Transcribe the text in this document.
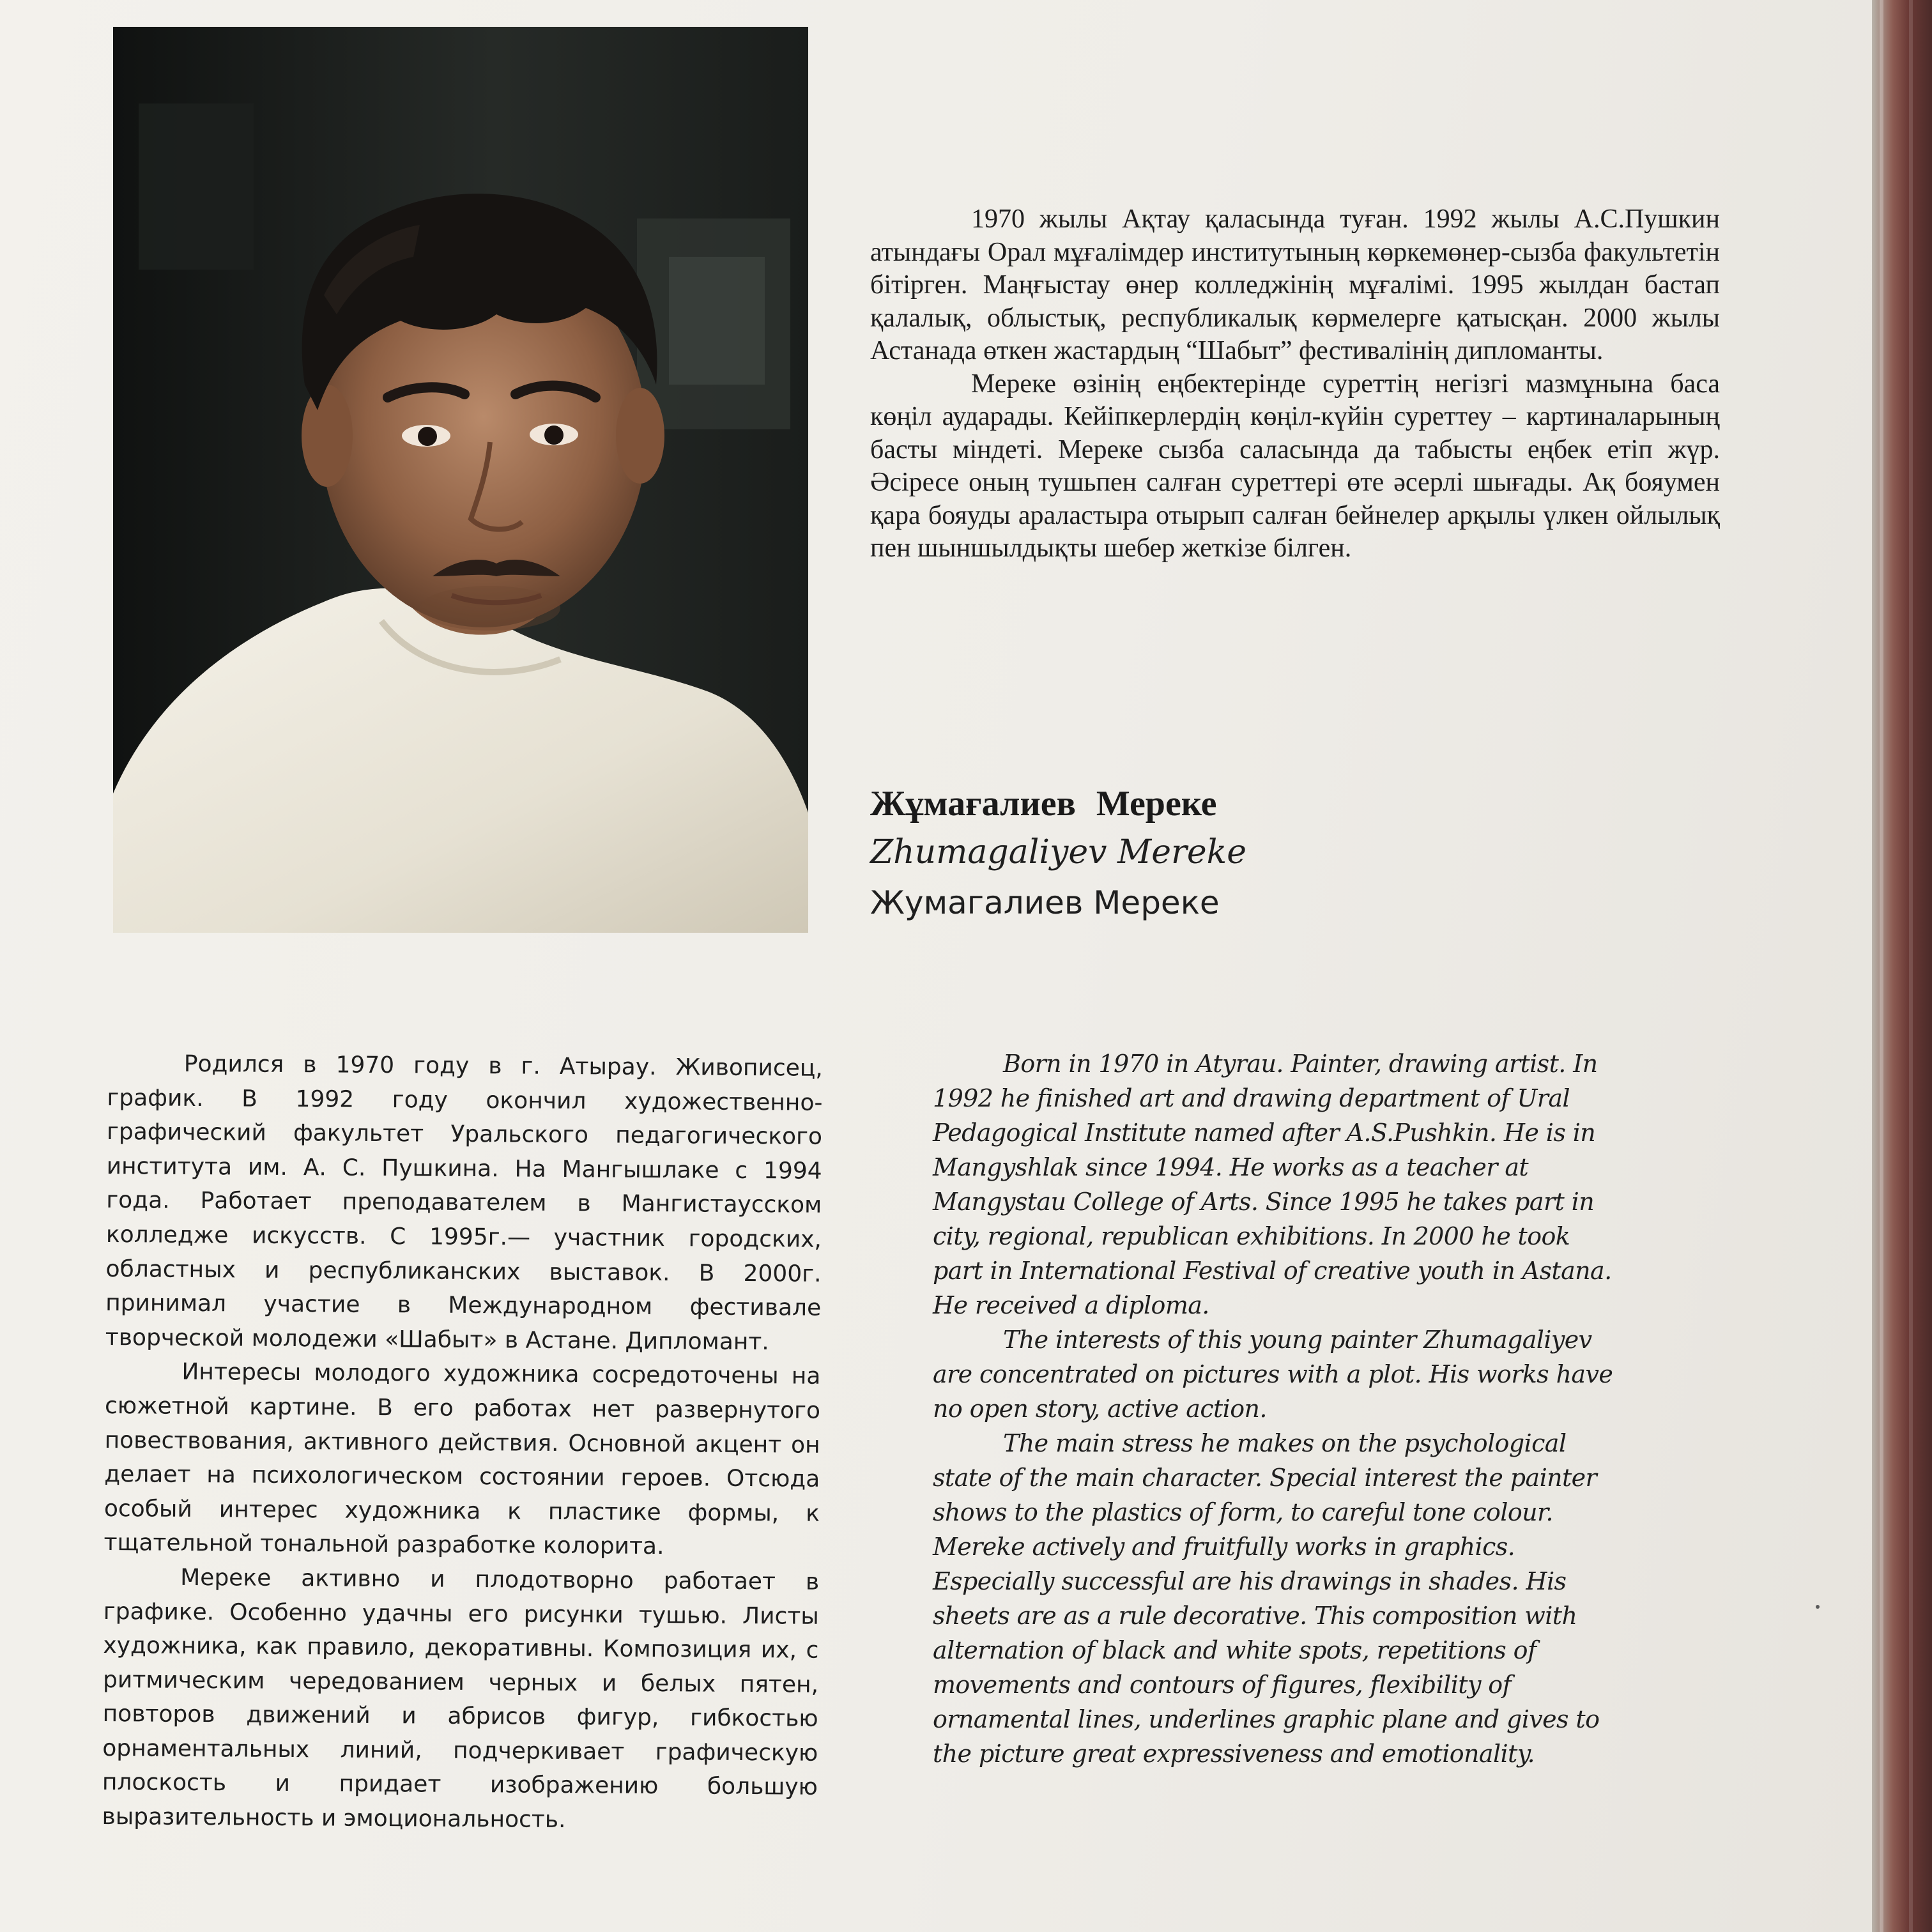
1970 жылы Ақтау қаласында туған. 1992 жылы А.С.Пушкин атындағы Орал мұғалімдер институтының көркемөнер-сызба факультетін бітірген. Маңғыстау өнер колледжінің мұғалімі. 1995 жылдан бастап қалалық, облыстық, республикалық көрмелерге қатысқан. 2000 жылы Астанада өткен жастардың “Шабыт” фестивалінің дипломанты.

Мереке өзінің еңбектерінде суреттің негізгі мазмұнына баса көңіл аударады. Кейіпкерлердің көңіл-күйін суреттеу – картиналарының басты міндеті. Мереке сызба саласында да табысты еңбек етіп жүр. Әсіресе оның тушьпен салған суреттері өте әсерлі шығады. Ақ бояумен қара бояуды араластыра отырып салған бейнелер арқылы үлкен ойлылық пен шыншылдықты шебер жеткізе білген.

Жұмағалиев Мереке
Zhumagaliyev Mereke
Жумагалиев Мереке

Родился в 1970 году в г. Атырау. Живописец, график. В 1992 году окончил художественно-графический факультет Уральского педагогического института им. А. С. Пушкина. На Мангышлаке с 1994 года. Работает преподавателем в Мангистаусском колледже искусств. С 1995г.— участник городских, областных и республиканских выставок. В 2000г. принимал участие в Международном фестивале творческой молодежи «Шабыт» в Астане. Дипломант.

Интересы молодого художника сосредоточены на сюжетной картине. В его работах нет развернутого повествования, активного действия. Основной акцент он делает на психологическом состоянии героев. Отсюда особый интерес художника к пластике формы, к тщательной тональной разработке колорита.

Мереке активно и плодотворно работает в графике. Особенно удачны его рисунки тушью. Листы художника, как правило, декоративны. Композиция их, с ритмическим чередованием черных и белых пятен, повторов движений и абрисов фигур, гибкостью орнаментальных линий, подчеркивает графическую плоскость и придает изображению большую выразительность и эмоциональность.

Born in 1970 in Atyrau. Painter, drawing artist. In 1992 he finished art and drawing department of Ural Pedagogical Institute named after A.S.Pushkin. He is in Mangyshlak since 1994. He works as a teacher at Mangystau College of Arts. Since 1995 he takes part in city, regional, republican exhibitions. In 2000 he took part in International Festival of creative youth in Astana. He received a diploma.

The interests of this young painter Zhumagaliyev are concentrated on pictures with a plot. His works have no open story, active action.

The main stress he makes on the psychological state of the main character. Special interest the painter shows to the plastics of form, to careful tone colour. Mereke actively and fruitfully works in graphics. Especially successful are his drawings in shades. His sheets are as a rule decorative. This composition with alternation of black and white spots, repetitions of movements and contours of figures, flexibility of ornamental lines, underlines graphic plane and gives to the picture great expressiveness and emotionality.
